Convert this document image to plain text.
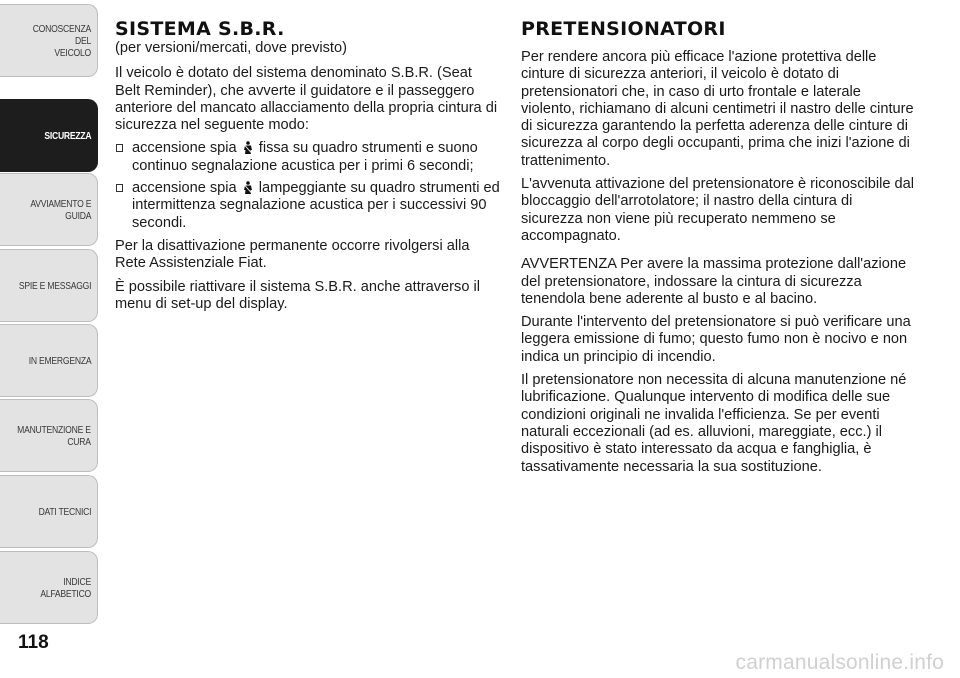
CONOSCENZA DEL
VEICOLO
SICUREZZA
AVVIAMENTO E
GUIDA
SPIE E MESSAGGI
IN EMERGENZA
MANUTENZIONE E
CURA
DATI TECNICI
INDICE ALFABETICO
118
carmanualsonline.info
SISTEMA S.B.R.

(per versioni/mercati, dove previsto)

Il veicolo è dotato del sistema denominato S.B.R. (Seat Belt Reminder), che avverte il guidatore e il passeggero anteriore del mancato allacciamento della propria cintura di sicurezza nel seguente modo:

accensione spia  fissa su quadro strumenti e suono continuo segnalazione acustica per i primi 6 secondi;
accensione spia  lampeggiante su quadro strumenti ed intermittenza segnalazione acustica per i successivi 90 secondi.

Per la disattivazione permanente occorre rivolgersi alla Rete Assistenziale Fiat.

È possibile riattivare il sistema S.B.R. anche attraverso il menu di set-up del display.

PRETENSIONATORI

Per rendere ancora più efficace l'azione protettiva delle cinture di sicurezza anteriori, il veicolo è dotato di pretensionatori che, in caso di urto frontale e laterale violento, richiamano di alcuni centimetri il nastro delle cinture di sicurezza garantendo la perfetta aderenza delle cinture di sicurezza al corpo degli occupanti, prima che inizi l'azione di trattenimento.

L'avvenuta attivazione del pretensionatore è riconoscibile dal bloccaggio dell'arrotolatore; il nastro della cintura di sicurezza non viene più recuperato nemmeno se accompagnato.

AVVERTENZA Per avere la massima protezione dall'azione del pretensionatore, indossare la cintura di sicurezza tenendola bene aderente al busto e al bacino.

Durante l'intervento del pretensionatore si può verificare una leggera emissione di fumo; questo fumo non è nocivo e non indica un principio di incendio.

Il pretensionatore non necessita di alcuna manutenzione né lubrificazione. Qualunque intervento di modifica delle sue condizioni originali ne invalida l'efficienza. Se per eventi naturali eccezionali (ad es. alluvioni, mareggiate, ecc.) il dispositivo è stato interessato da acqua e fanghiglia, è tassativamente necessaria la sua sostituzione.
